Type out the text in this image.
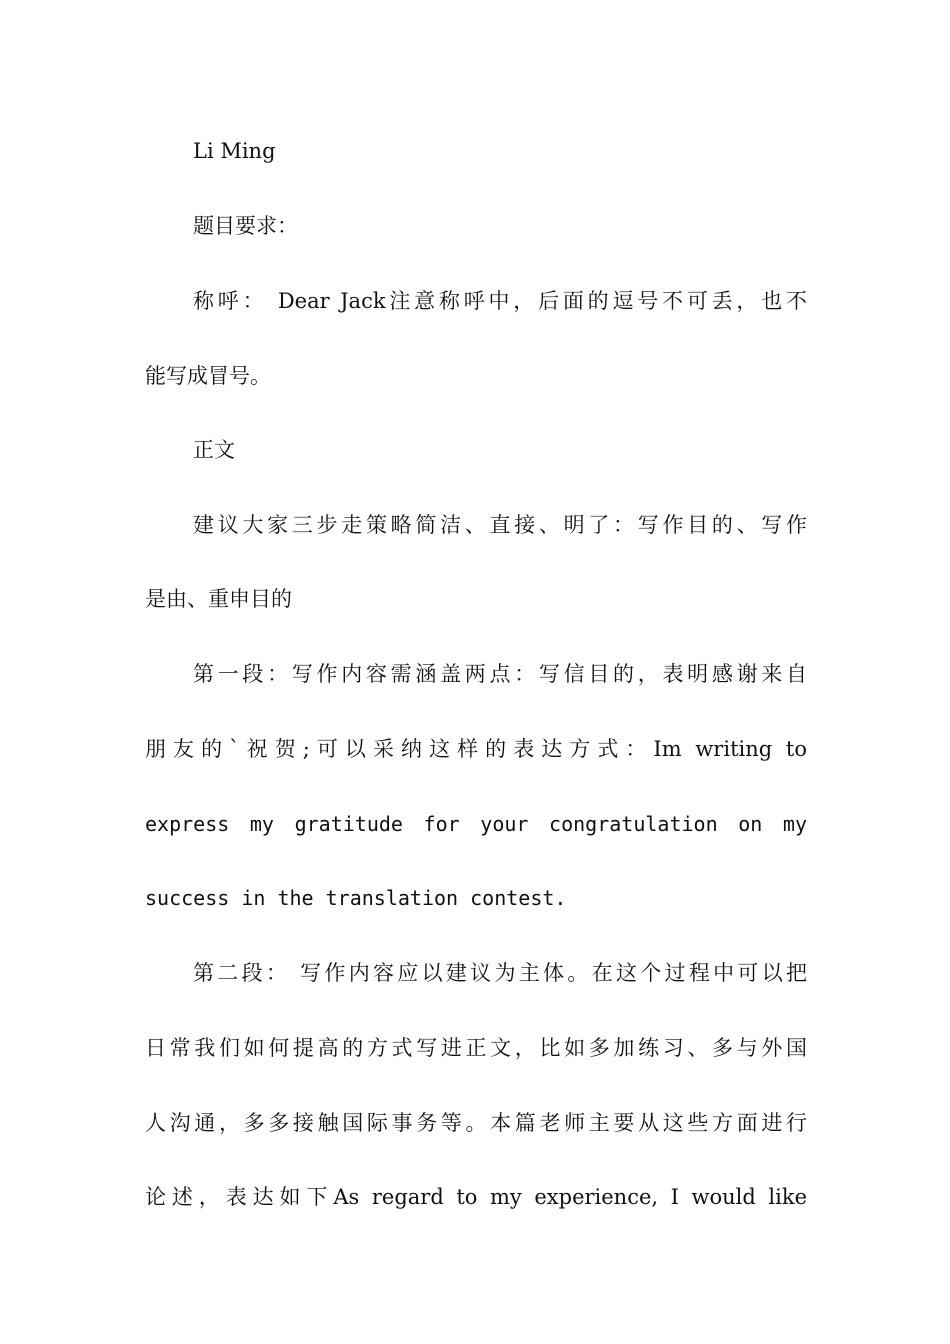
Li Ming
题目要求：
称呼： Dear Jack注意称呼中，后面的逗号不可丢，也不
能写成冒号。
正文
建议大家三步走策略简洁、直接、明了：写作目的、写作
是由、重申目的
第一段：写作内容需涵盖两点：写信目的，表明感谢来自
朋友的`祝贺;可以采纳这样的表达方式：Im writing to
express my gratitude for your congratulation on my
success in the translation contest.
第二段： 写作内容应以建议为主体。在这个过程中可以把
日常我们如何提高的方式写进正文，比如多加练习、多与外国
人沟通，多多接触国际事务等。本篇老师主要从这些方面进行
论述，表达如下As regard to my experience, I would like
